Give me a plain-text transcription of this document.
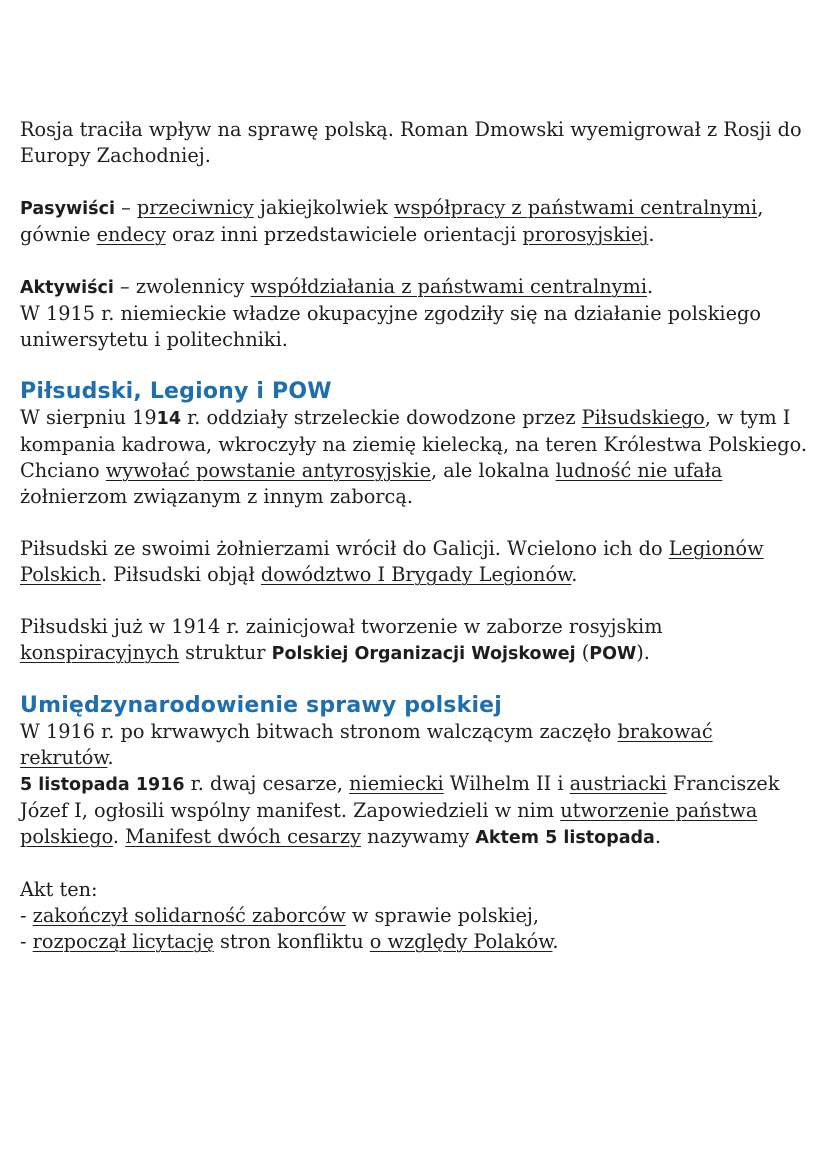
Rosja traciła wpływ na sprawę polską. Roman Dmowski wyemigrował z Rosji do Europy Zachodniej.

Pasywiści – przeciwnicy jakiejkolwiek współpracy z państwami centralnymi, gównie endecy oraz inni przedstawiciele orientacji prorosyjskiej.

Aktywiści – zwolennicy współdziałania z państwami centralnymi.
W 1915 r. niemieckie władze okupacyjne zgodziły się na działanie polskiego uniwersytetu i politechniki.

Piłsudski, Legiony i POW

W sierpniu 1914 r. oddziały strzeleckie dowodzone przez Piłsudskiego, w tym I kompania kadrowa, wkroczyły na ziemię kielecką, na teren Królestwa Polskiego. Chciano wywołać powstanie antyrosyjskie, ale lokalna ludność nie ufała żołnierzom związanym z innym zaborcą.

Piłsudski ze swoimi żołnierzami wrócił do Galicji. Wcielono ich do Legionów Polskich. Piłsudski objął dowództwo I Brygady Legionów.

Piłsudski już w 1914 r. zainicjował tworzenie w zaborze rosyjskim konspiracyjnych struktur Polskiej Organizacji Wojskowej (POW).

Umiędzynarodowienie sprawy polskiej

W 1916 r. po krwawych bitwach stronom walczącym zaczęło brakować rekrutów.

5 listopada 1916 r. dwaj cesarze, niemiecki Wilhelm II i austriacki Franciszek Józef I, ogłosili wspólny manifest. Zapowiedzieli w nim utworzenie państwa polskiego. Manifest dwóch cesarzy nazywamy Aktem 5 listopada.

Akt ten:

- zakończył solidarność zaborców w sprawie polskiej,

- rozpoczął licytację stron konfliktu o względy Polaków.
